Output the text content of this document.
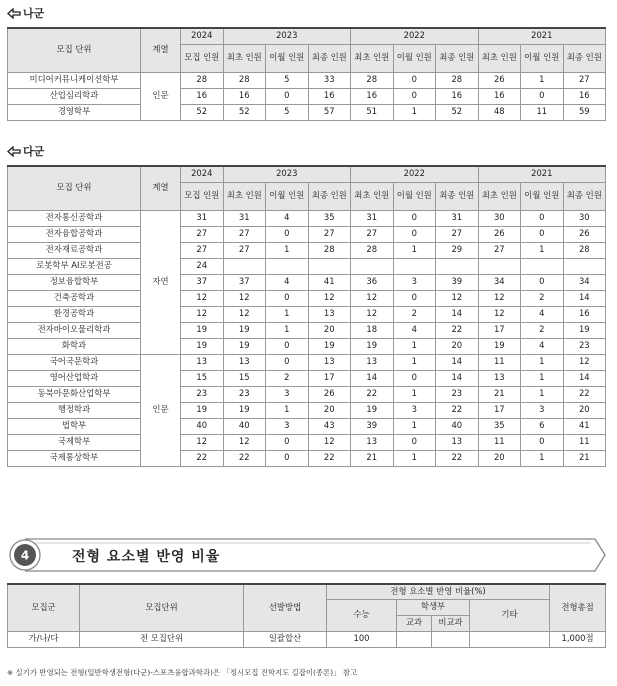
나군
모집 단위	계열	2024	2023			2022			2021		
		모집 인원	최초 인원	이월 인원	최종 인원	최초 인원	이월 인원	최종 인원	최초 인원	이월 인원	최종 인원
미디어커뮤니케이션학부	인문	28	28	5	33	28	0	28	26	1	27
산업심리학과		16	16	0	16	16	0	16	16	0	16
경영학부		52	52	5	57	51	1	52	48	11	59
다군
모집 단위	계열	2024	2023			2022			2021		
		모집 인원	최초 인원	이월 인원	최종 인원	최초 인원	이월 인원	최종 인원	최초 인원	이월 인원	최종 인원
전자통신공학과	자연	31	31	4	35	31	0	31	30	0	30
전자융합공학과		27	27	0	27	27	0	27	26	0	26
전자재료공학과		27	27	1	28	28	1	29	27	1	28
로봇학부 AI로봇전공		24									
정보융합학부		37	37	4	41	36	3	39	34	0	34
건축공학과		12	12	0	12	12	0	12	12	2	14
환경공학과		12	12	1	13	12	2	14	12	4	16
전자바이오물리학과		19	19	1	20	18	4	22	17	2	19
화학과		19	19	0	19	19	1	20	19	4	23
국어국문학과	인문	13	13	0	13	13	1	14	11	1	12
영어산업학과		15	15	2	17	14	0	14	13	1	14
동북아문화산업학부		23	23	3	26	22	1	23	21	1	22
행정학과		19	19	1	20	19	3	22	17	3	20
법학부		40	40	3	43	39	1	40	35	6	41
국제학부		12	12	0	12	13	0	13	11	0	11
국제통상학부		22	22	0	22	21	1	22	20	1	21
4	전형 요소별 반영 비율
모집군	모집단위	선발방법	전형 요소별 반영 비율(%)				전형총점
			수능	학생부		기타	
				교과	비교과		
가/나/다	전 모집단위	일괄합산	100				1,000점
※ 실기가 반영되는 전형(일반학생전형(다군)-스포츠융합과학과)은 「정시모집 진학지도 길잡이(종론)」 참고
